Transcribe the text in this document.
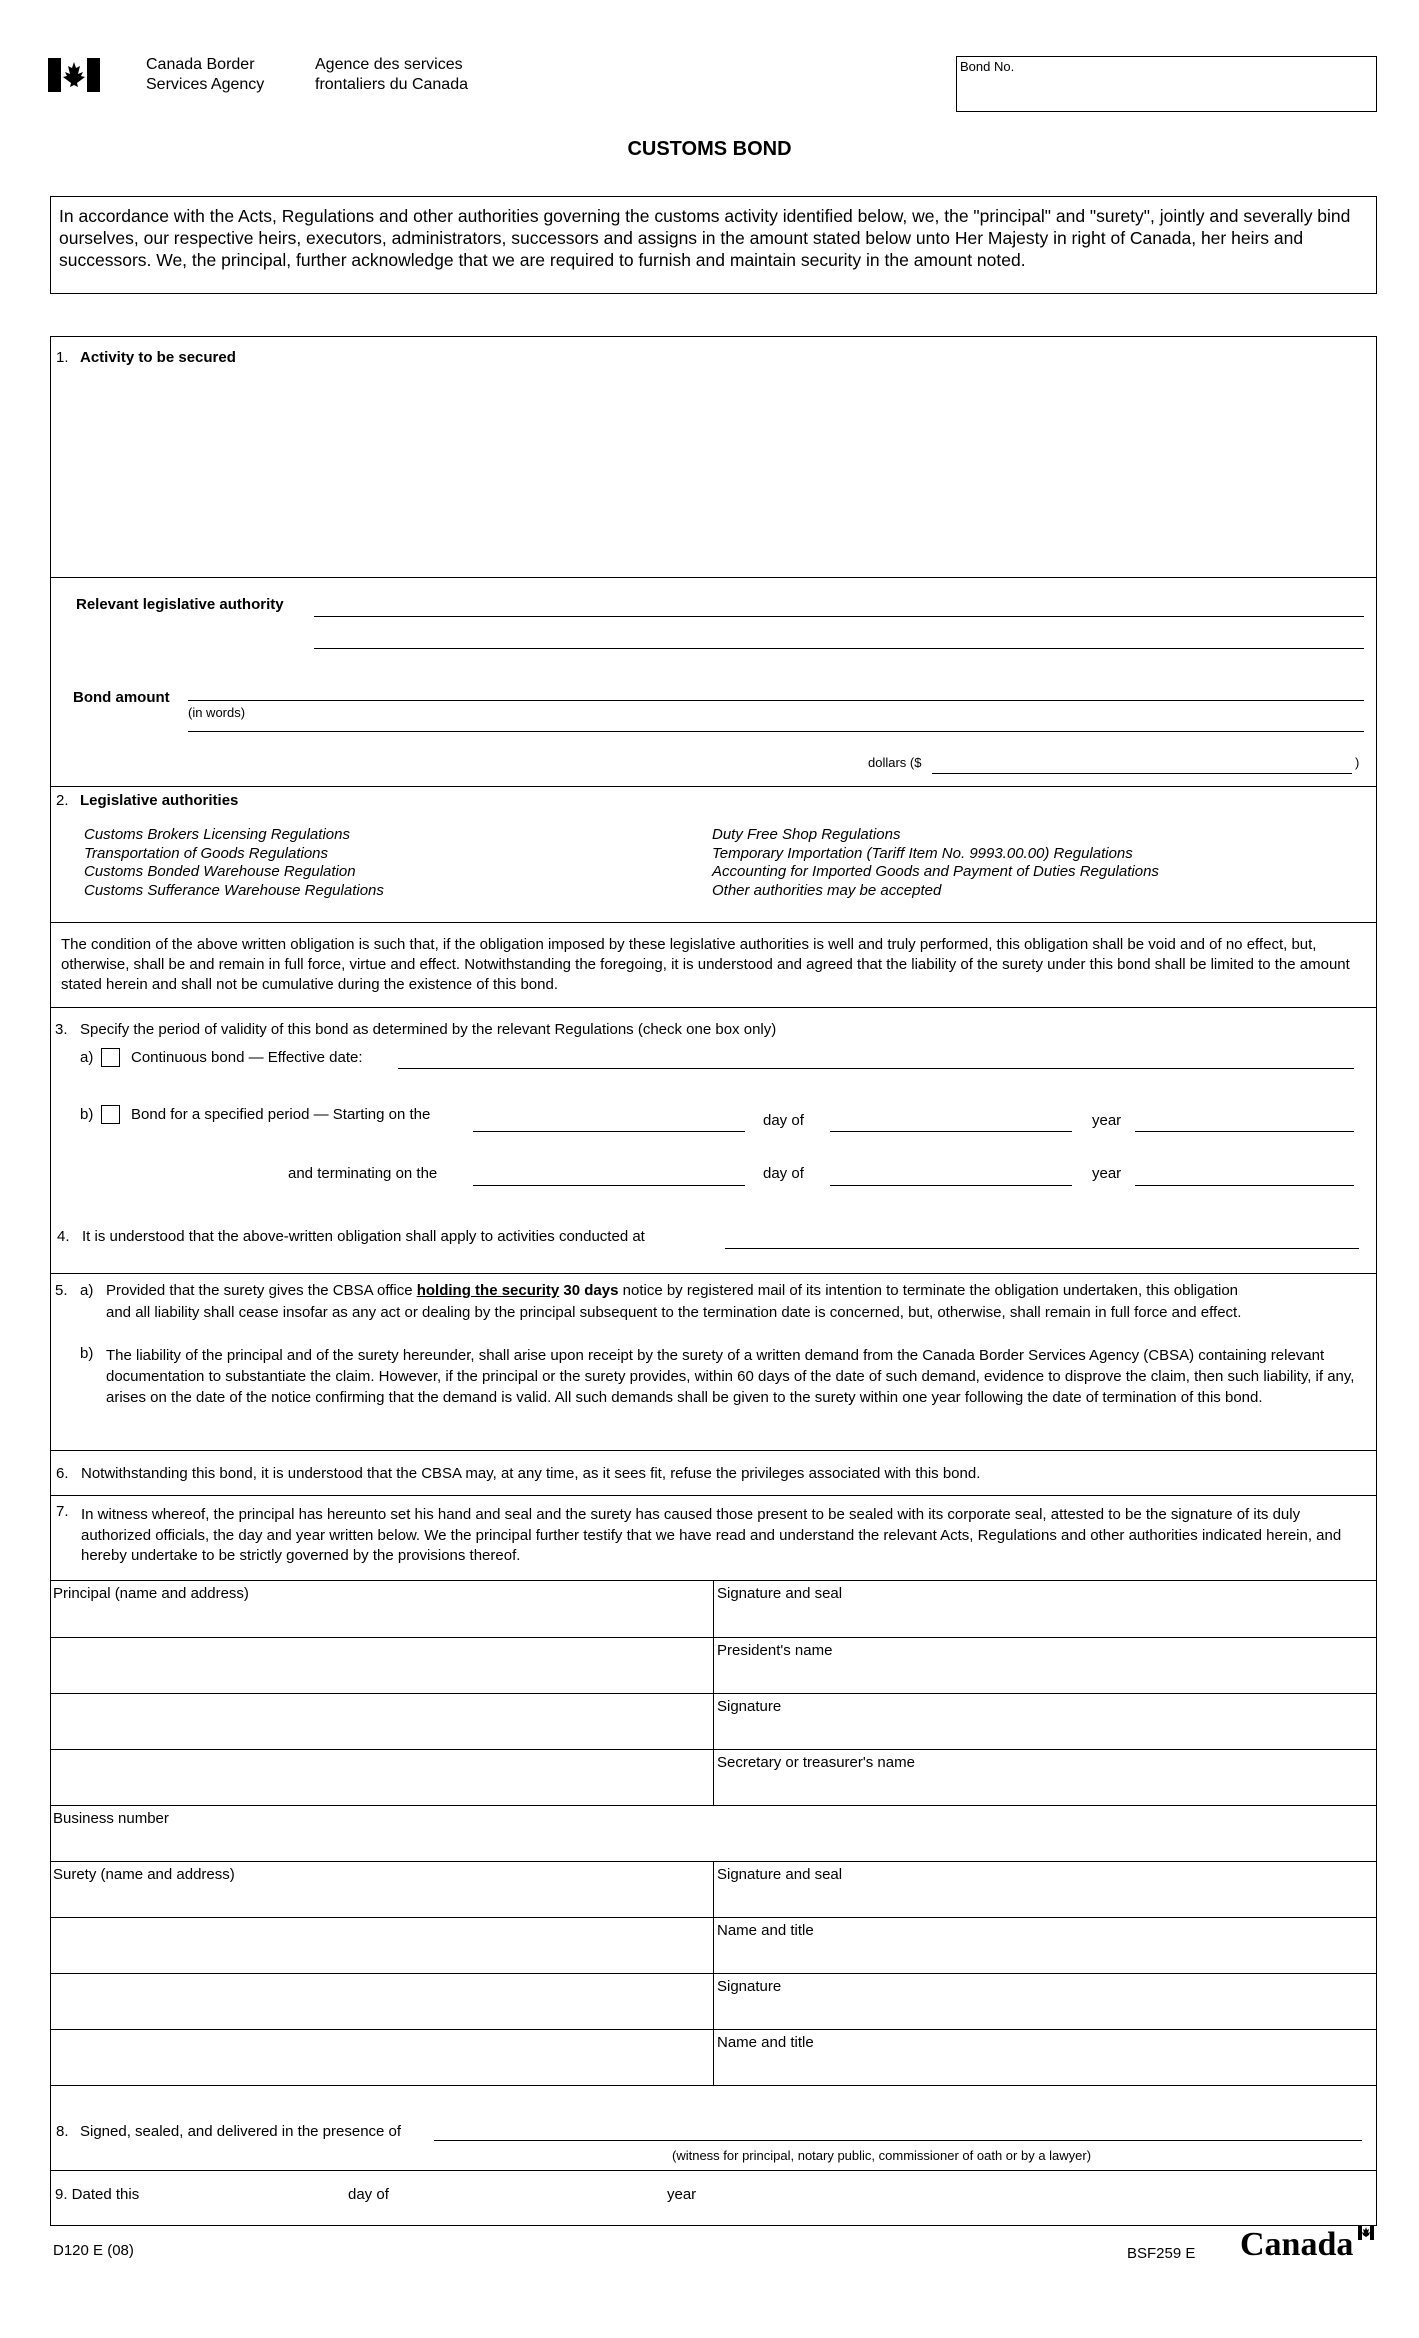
Canada Border
Services Agency
Agence des services
frontaliers du Canada
Bond No.
CUSTOMS BOND
In accordance with the Acts, Regulations and other authorities governing the customs activity identified below, we, the "principal" and "surety", jointly and severally bind ourselves, our respective heirs, executors, administrators, successors and assigns in the amount stated below unto Her Majesty in right of Canada, her heirs and successors. We, the principal, further acknowledge that we are required to furnish and maintain security in the amount noted.
1. Activity to be secured
Relevant legislative authority
Bond amount
(in words)
dollars ($	)
2. Legislative authorities
Customs Brokers Licensing Regulations
Transportation of Goods Regulations
Customs Bonded Warehouse Regulation
Customs Sufferance Warehouse Regulations
Duty Free Shop Regulations
Temporary Importation (Tariff Item No. 9993.00.00) Regulations
Accounting for Imported Goods and Payment of Duties Regulations
Other authorities may be accepted
The condition of the above written obligation is such that, if the obligation imposed by these legislative authorities is well and truly performed, this obligation shall be void and of no effect, but, otherwise, shall be and remain in full force, virtue and effect. Notwithstanding the foregoing, it is understood and agreed that the liability of the surety under this bond shall be limited to the amount stated herein and shall not be cumulative during the existence of this bond.
3. Specify the period of validity of this bond as determined by the relevant Regulations (check one box only)
a)	Continuous bond — Effective date:
b)	Bond for a specified period — Starting on the	day of	year
and terminating on the	day of	year
4. It is understood that the above-written obligation shall apply to activities conducted at
5. a) Provided that the surety gives the CBSA office holding the security 30 days notice by registered mail of its intention to terminate the obligation undertaken, this obligation
and all liability shall cease insofar as any act or dealing by the principal subsequent to the termination date is concerned, but, otherwise, shall remain in full force and effect.
b) The liability of the principal and of the surety hereunder, shall arise upon receipt by the surety of a written demand from the Canada Border Services Agency (CBSA) containing relevant documentation to substantiate the claim. However, if the principal or the surety provides, within 60 days of the date of such demand, evidence to disprove the claim, then such liability, if any, arises on the date of the notice confirming that the demand is valid. All such demands shall be given to the surety within one year following the date of termination of this bond.
6. Notwithstanding this bond, it is understood that the CBSA may, at any time, as it sees fit, refuse the privileges associated with this bond.
7. In witness whereof, the principal has hereunto set his hand and seal and the surety has caused those present to be sealed with its corporate seal, attested to be the signature of its duly authorized officials, the day and year written below. We the principal further testify that we have read and understand the relevant Acts, Regulations and other authorities indicated herein, and hereby undertake to be strictly governed by the provisions thereof.
Principal (name and address)	Signature and seal
President's name
Signature
Secretary or treasurer's name
Business number
Surety (name and address)	Signature and seal
Name and title
Signature
Name and title
8. Signed, sealed, and delivered in the presence of
(witness for principal, notary public, commissioner of oath or by a lawyer)
9. Dated this	day of	year
D120 E (08)	BSF259 E Canada
